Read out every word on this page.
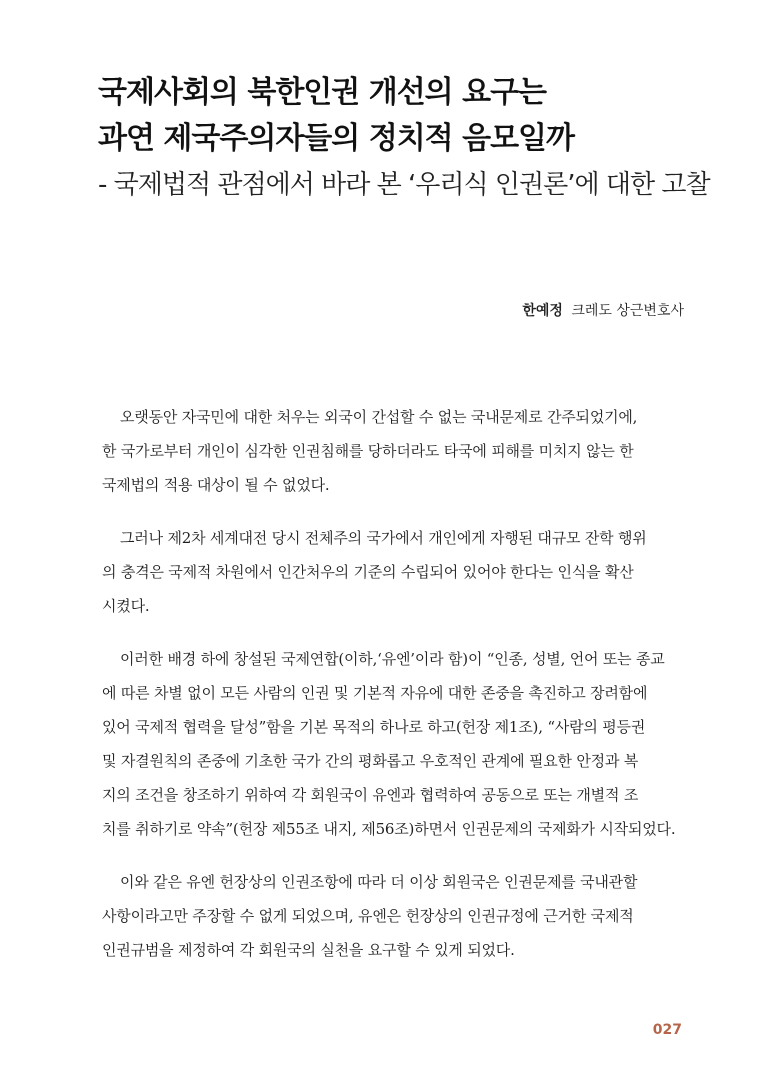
국제사회의 북한인권 개선의 요구는
과연 제국주의자들의 정치적 음모일까
- 국제법적 관점에서 바라 본 ‘우리식 인권론’에 대한 고찰
한예정 크레도 상근변호사

오랫동안 자국민에 대한 처우는 외국이 간섭할 수 없는 국내문제로 간주되었기에,
한 국가로부터 개인이 심각한 인권침해를 당하더라도 타국에 피해를 미치지 않는 한
국제법의 적용 대상이 될 수 없었다.

그러나 제2차 세계대전 당시 전체주의 국가에서 개인에게 자행된 대규모 잔학 행위
의 충격은 국제적 차원에서 인간처우의 기준의 수립되어 있어야 한다는 인식을 확산
시켰다.

이러한 배경 하에 창설된 국제연합(이하,‘유엔’이라 함)이 “인종, 성별, 언어 또는 종교
에 따른 차별 없이 모든 사람의 인권 및 기본적 자유에 대한 존중을 촉진하고 장려함에
있어 국제적 협력을 달성”함을 기본 목적의 하나로 하고(헌장 제1조), “사람의 평등권
및 자결원칙의 존중에 기초한 국가 간의 평화롭고 우호적인 관계에 필요한 안정과 복
지의 조건을 창조하기 위하여 각 회원국이 유엔과 협력하여 공동으로 또는 개별적 조
치를 취하기로 약속”(헌장 제55조 내지, 제56조)하면서 인권문제의 국제화가 시작되었다.

이와 같은 유엔 헌장상의 인권조항에 따라 더 이상 회원국은 인권문제를 국내관할
사항이라고만 주장할 수 없게 되었으며, 유엔은 헌장상의 인권규정에 근거한 국제적
인권규범을 제정하여 각 회원국의 실천을 요구할 수 있게 되었다.

027
